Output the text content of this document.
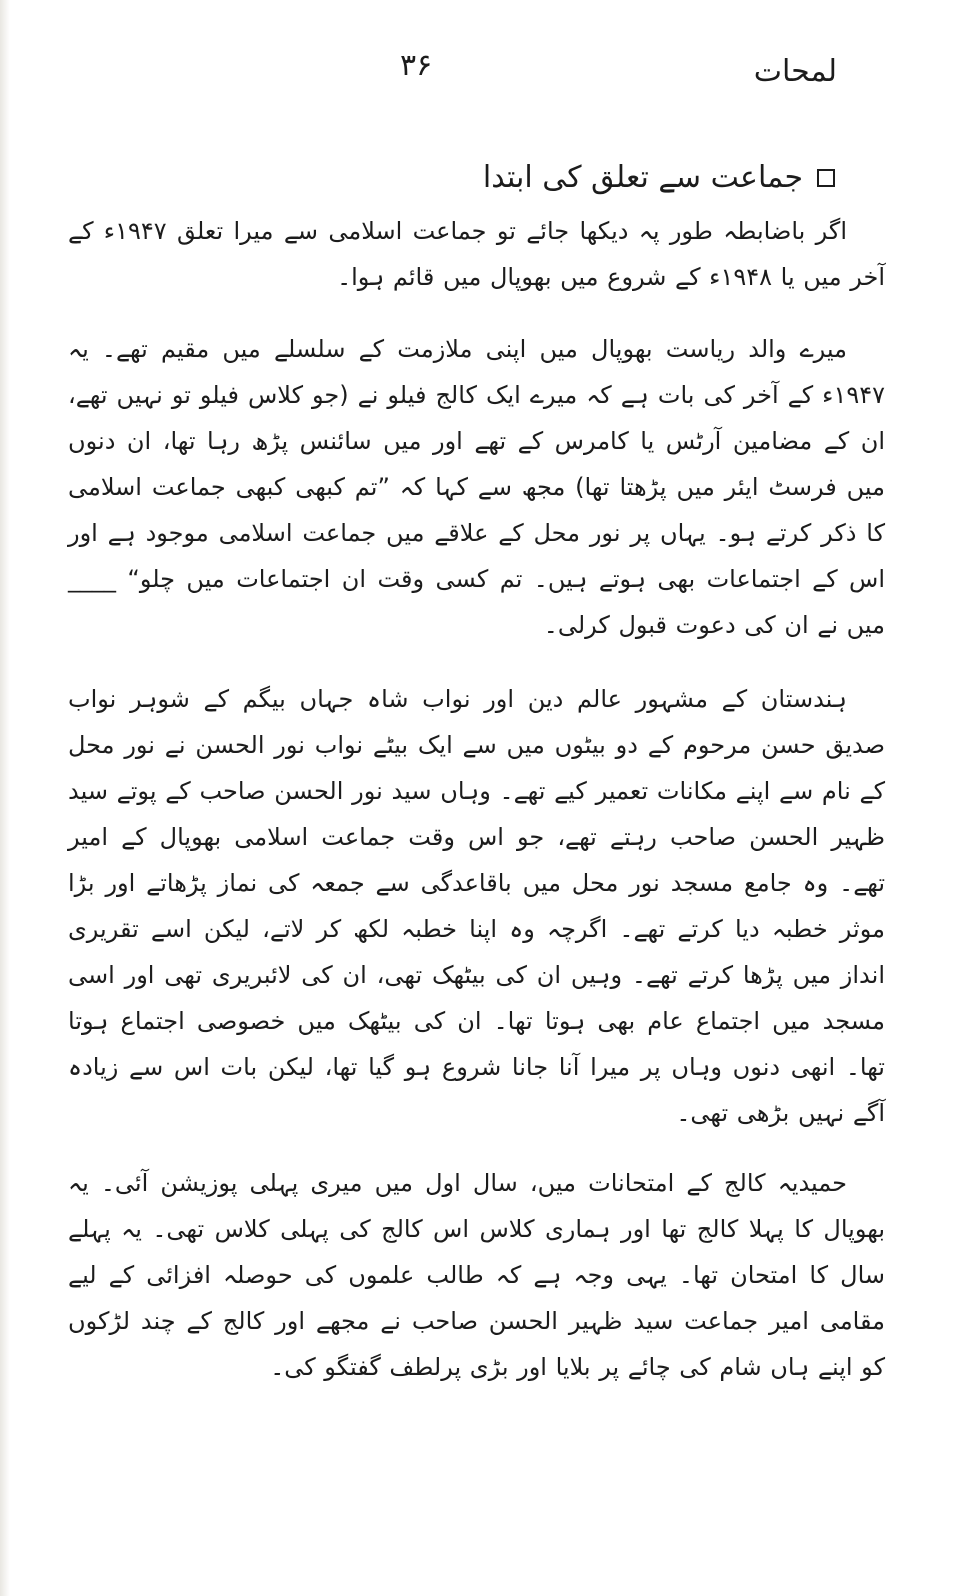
لمحات
۳۶
جماعت سے تعلق کی ابتدا

اگر باضابطہ طور پہ دیکھا جائے تو جماعت اسلامی سے میرا تعلق ۱۹۴۷ء کے آخر میں یا ۱۹۴۸ء کے شروع میں بھوپال میں قائم ہوا۔

میرے والد ریاست بھوپال میں اپنی ملازمت کے سلسلے میں مقیم تھے۔ یہ ۱۹۴۷ء کے آخر کی بات ہے کہ میرے ایک کالج فیلو نے (جو کلاس فیلو تو نہیں تھے، ان کے مضامین آرٹس یا کامرس کے تھے اور میں سائنس پڑھ رہا تھا، ان دنوں میں فرسٹ ایئر میں پڑھتا تھا) مجھ سے کہا کہ ”تم کبھی کبھی جماعت اسلامی کا ذکر کرتے ہو۔ یہاں پر نور محل کے علاقے میں جماعت اسلامی موجود ہے اور اس کے اجتماعات بھی ہوتے ہیں۔ تم کسی وقت ان اجتماعات میں چلو“ ____ میں نے ان کی دعوت قبول کرلی۔

ہندستان کے مشہور عالم دین اور نواب شاہ جہاں بیگم کے شوہر نواب صدیق حسن مرحوم کے دو بیٹوں میں سے ایک بیٹے نواب نور الحسن نے نور محل کے نام سے اپنے مکانات تعمیر کیے تھے۔ وہاں سید نور الحسن صاحب کے پوتے سید ظہیر الحسن صاحب رہتے تھے، جو اس وقت جماعت اسلامی بھوپال کے امیر تھے۔ وہ جامع مسجد نور محل میں باقاعدگی سے جمعہ کی نماز پڑھاتے اور بڑا موثر خطبہ دیا کرتے تھے۔ اگرچہ وہ اپنا خطبہ لکھ کر لاتے، لیکن اسے تقریری انداز میں پڑھا کرتے تھے۔ وہیں ان کی بیٹھک تھی، ان کی لائبریری تھی اور اسی مسجد میں اجتماع عام بھی ہوتا تھا۔ ان کی بیٹھک میں خصوصی اجتماع ہوتا تھا۔ انھی دنوں وہاں پر میرا آنا جانا شروع ہو گیا تھا، لیکن بات اس سے زیادہ آگے نہیں بڑھی تھی۔

حمیدیہ کالج کے امتحانات میں، سال اول میں میری پہلی پوزیشن آئی۔ یہ بھوپال کا پہلا کالج تھا اور ہماری کلاس اس کالج کی پہلی کلاس تھی۔ یہ پہلے سال کا امتحان تھا۔ یہی وجہ ہے کہ طالب علموں کی حوصلہ افزائی کے لیے مقامی امیر جماعت سید ظہیر الحسن صاحب نے مجھے اور کالج کے چند لڑکوں کو اپنے ہاں شام کی چائے پر بلایا اور بڑی پرلطف گفتگو کی۔
